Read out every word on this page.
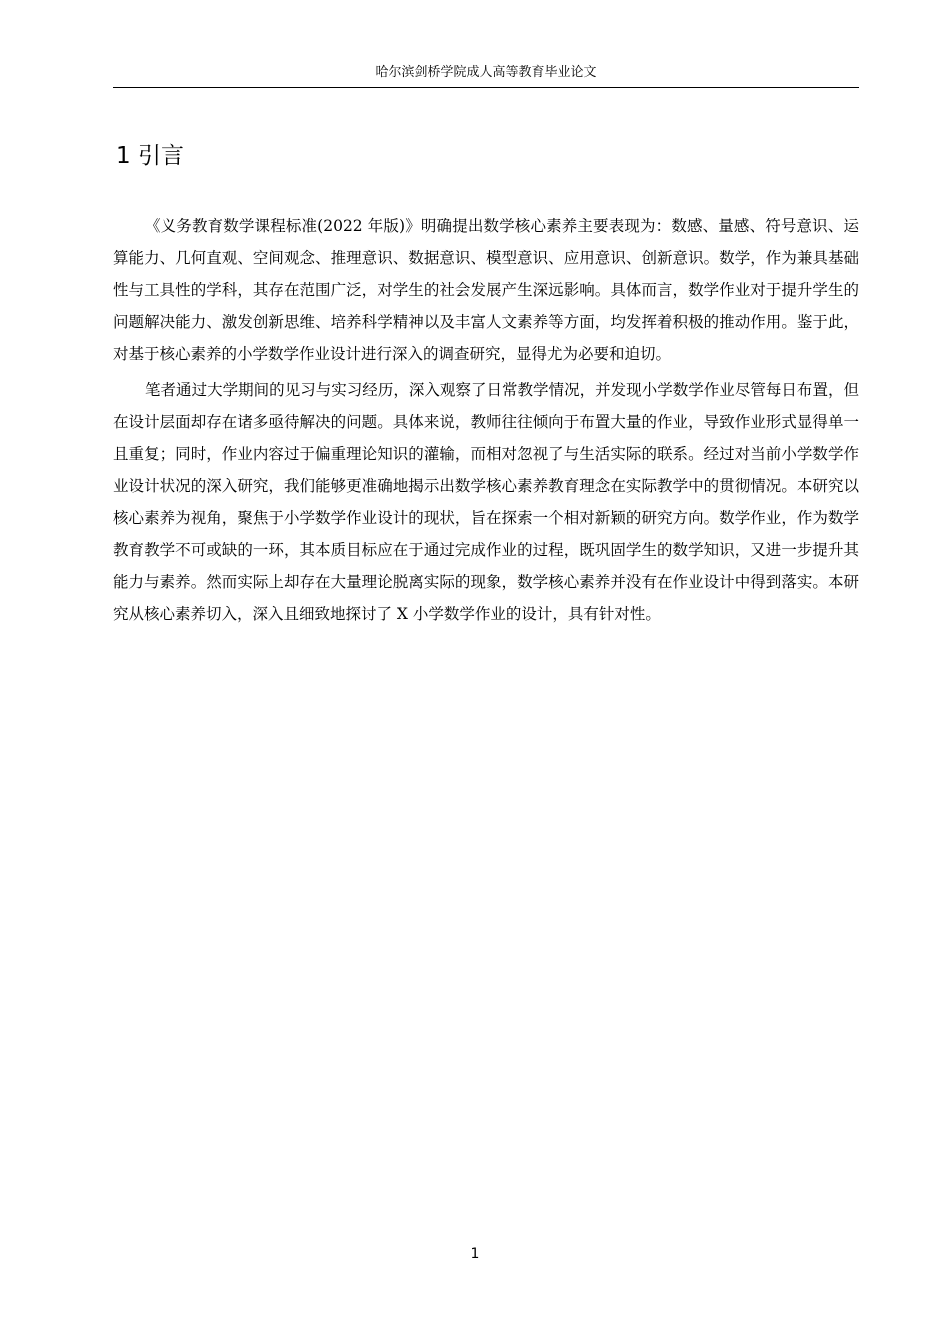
哈尔滨剑桥学院成人高等教育毕业论文
1 引言

《义务教育数学课程标准(2022 年版)》明确提出数学核心素养主要表现为：数感、量感、符号意识、运算能力、几何直观、空间观念、推理意识、数据意识、模型意识、应用意识、创新意识。数学，作为兼具基础性与工具性的学科，其存在范围广泛，对学生的社会发展产生深远影响。具体而言，数学作业对于提升学生的问题解决能力、激发创新思维、培养科学精神以及丰富人文素养等方面，均发挥着积极的推动作用。鉴于此，对基于核心素养的小学数学作业设计进行深入的调查研究，显得尤为必要和迫切。

笔者通过大学期间的见习与实习经历，深入观察了日常教学情况，并发现小学数学作业尽管每日布置，但在设计层面却存在诸多亟待解决的问题。具体来说，教师往往倾向于布置大量的作业，导致作业形式显得单一且重复；同时，作业内容过于偏重理论知识的灌输，而相对忽视了与生活实际的联系。经过对当前小学数学作业设计状况的深入研究，我们能够更准确地揭示出数学核心素养教育理念在实际教学中的贯彻情况。本研究以核心素养为视角，聚焦于小学数学作业设计的现状，旨在探索一个相对新颖的研究方向。数学作业，作为数学教育教学不可或缺的一环，其本质目标应在于通过完成作业的过程，既巩固学生的数学知识，又进一步提升其能力与素养。然而实际上却存在大量理论脱离实际的现象，数学核心素养并没有在作业设计中得到落实。本研究从核心素养切入，深入且细致地探讨了 X 小学数学作业的设计，具有针对性。

1
